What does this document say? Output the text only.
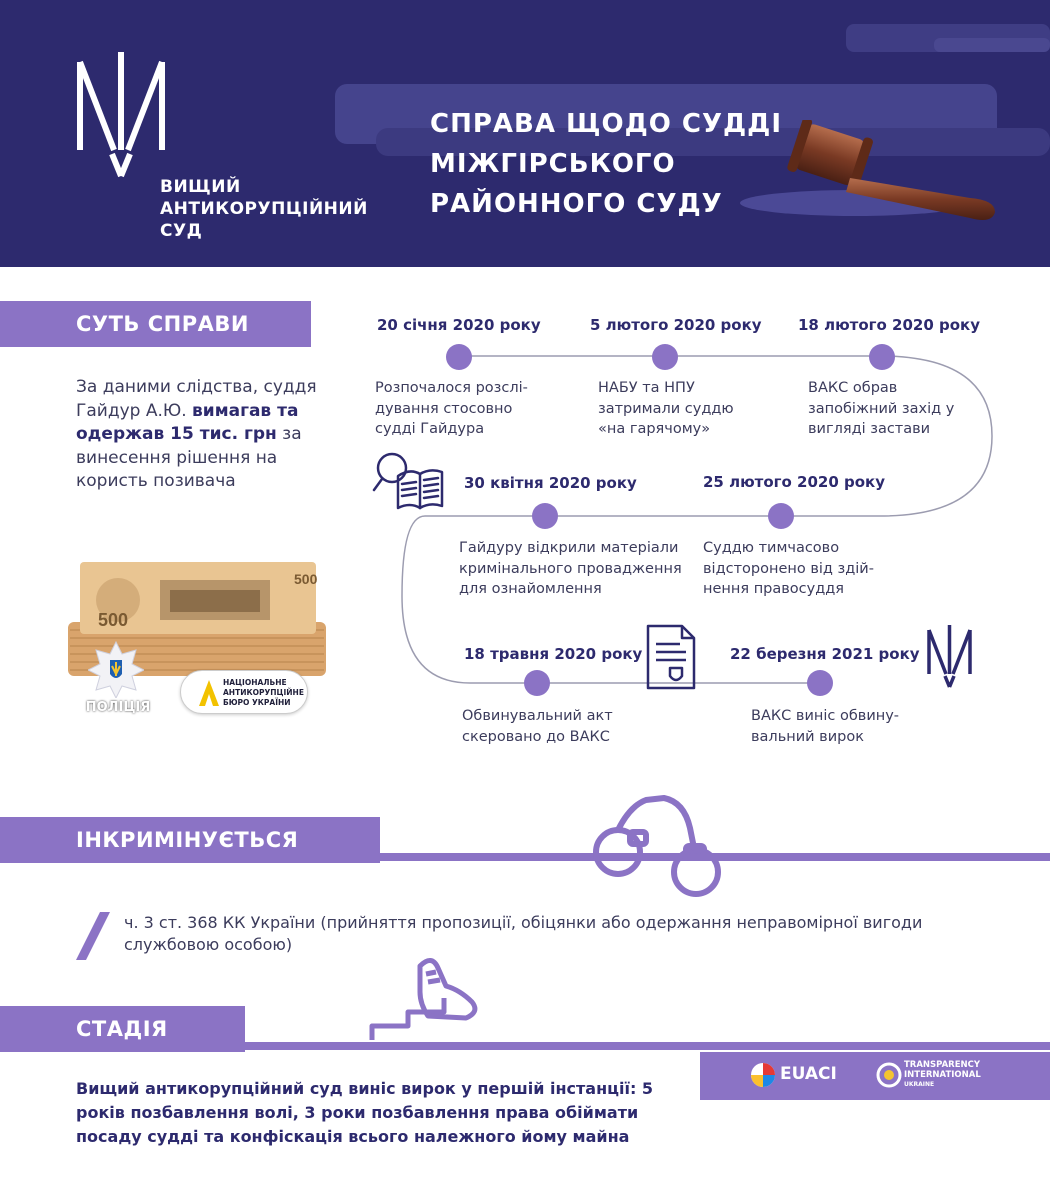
ВИЩИЙ
АНТИКОРУПЦІЙНИЙ
СУД
СПРАВА ЩОДО СУДДІ
МІЖГІРСЬКОГО
РАЙОННОГО СУДУ
СУТЬ СПРАВИ
За даними слідства, суддя Гайдур А.Ю. вимагав та одержав 15 тис. грн за винесення рішення на користь позивача
500
500
ПОЛІЦІЯ
НАЦІОНАЛЬНЕ
АНТИКОРУПЦІЙНЕ
БЮРО УКРАЇНИ
20 січня 2020 року
Розпочалося розслі-
дування стосовно
судді Гайдура
5 лютого 2020 року
НАБУ та НПУ
затримали суддю
«на гарячому»
18 лютого 2020 року
ВАКС обрав
запобіжний захід у
вигляді застави
25 лютого 2020 року
Суддю тимчасово
відсторонено від здій-
нення правосуддя
30 квітня 2020 року
Гайдуру відкрили матеріали
кримінального провадження
для ознайомлення
18 травня 2020 року
Обвинувальний акт
скеровано до ВАКС
22 березня 2021 року
ВАКС виніс обвину-
вальний вирок
ІНКРИМІНУЄТЬСЯ
ч. 3 ст. 368 КК України (прийняття пропозиції, обіцянки або одержання неправомірної вигоди службовою особою)
СТАДІЯ
Вищий антикорупційний суд виніс вирок у першій інстанції: 5
років позбавлення волі, 3 роки позбавлення права обіймати
посаду судді та конфіскація всього належного йому майна
EUACI	TRANSPARENCY
INTERNATIONAL
UKRAINE
